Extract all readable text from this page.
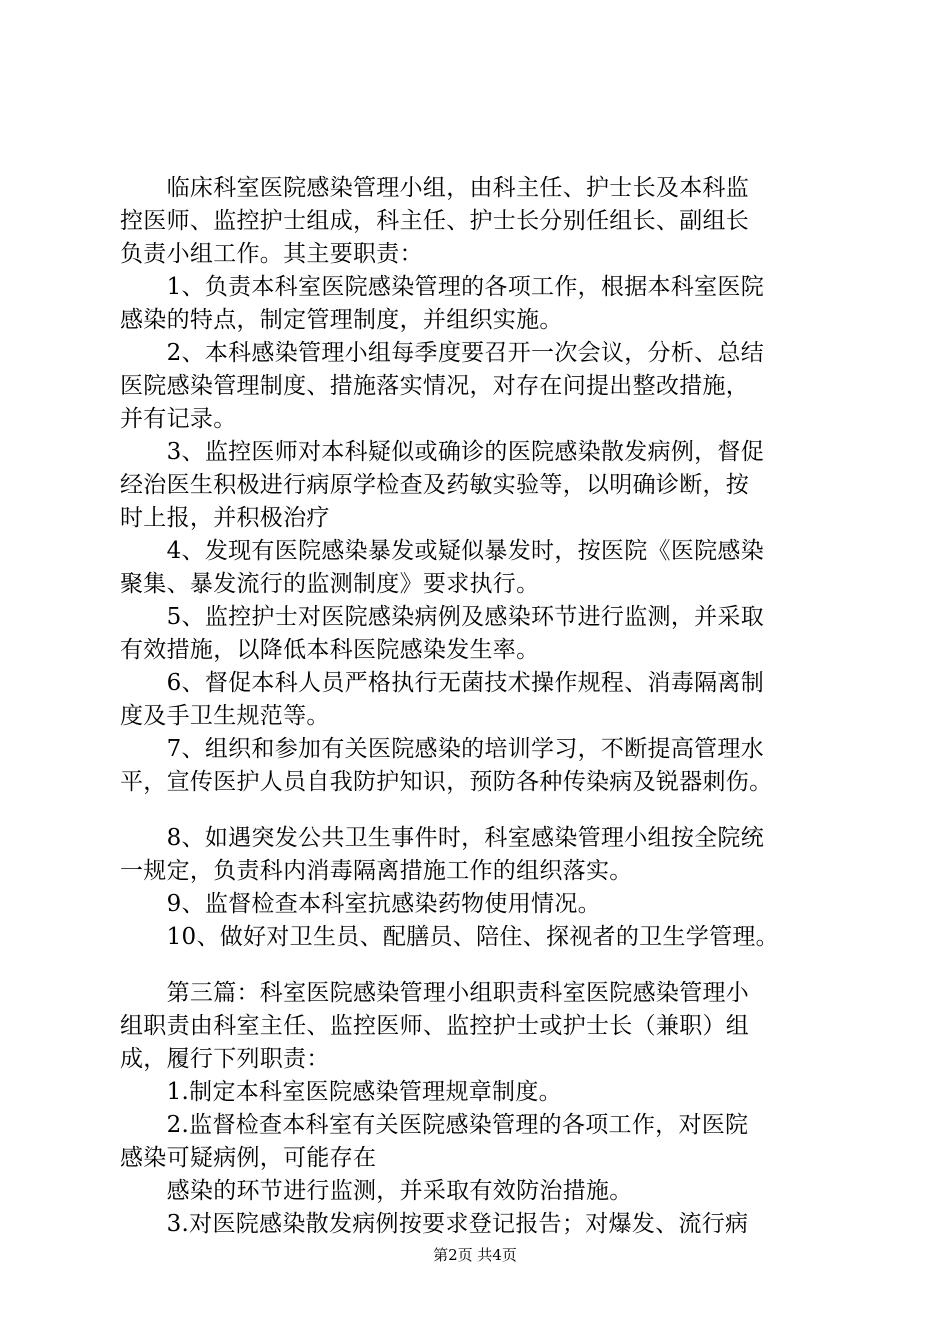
　　临床科室医院感染管理小组，由科主任、护士长及本科监
控医师、监控护士组成，科主任、护士长分别任组长、副组长
负责小组工作。其主要职责：
　　1、负责本科室医院感染管理的各项工作，根据本科室医院
感染的特点，制定管理制度，并组织实施。
　　2、本科感染管理小组每季度要召开一次会议，分析、总结
医院感染管理制度、措施落实情况，对存在问提出整改措施，
并有记录。
　　3、监控医师对本科疑似或确诊的医院感染散发病例，督促
经治医生积极进行病原学检查及药敏实验等，以明确诊断，按
时上报，并积极治疗
　　4、发现有医院感染暴发或疑似暴发时，按医院《医院感染
聚集、暴发流行的监测制度》要求执行。
　　5、监控护士对医院感染病例及感染环节进行监测，并采取
有效措施，以降低本科医院感染发生率。
　　6、督促本科人员严格执行无菌技术操作规程、消毒隔离制
度及手卫生规范等。
　　7、组织和参加有关医院感染的培训学习，不断提高管理水
平，宣传医护人员自我防护知识，预防各种传染病及锐器刺伤。
　　8、如遇突发公共卫生事件时，科室感染管理小组按全院统
一规定，负责科内消毒隔离措施工作的组织落实。
　　9、监督检查本科室抗感染药物使用情况。
　　10、做好对卫生员、配膳员、陪住、探视者的卫生学管理。
　　第三篇：科室医院感染管理小组职责科室医院感染管理小
组职责由科室主任、监控医师、监控护士或护士长（兼职）组
成，履行下列职责：
　　1.制定本科室医院感染管理规章制度。
　　2.监督检查本科室有关医院感染管理的各项工作，对医院
感染可疑病例，可能存在
　　感染的环节进行监测，并采取有效防治措施。
　　3.对医院感染散发病例按要求登记报告；对爆发、流行病
第2页 共4页
